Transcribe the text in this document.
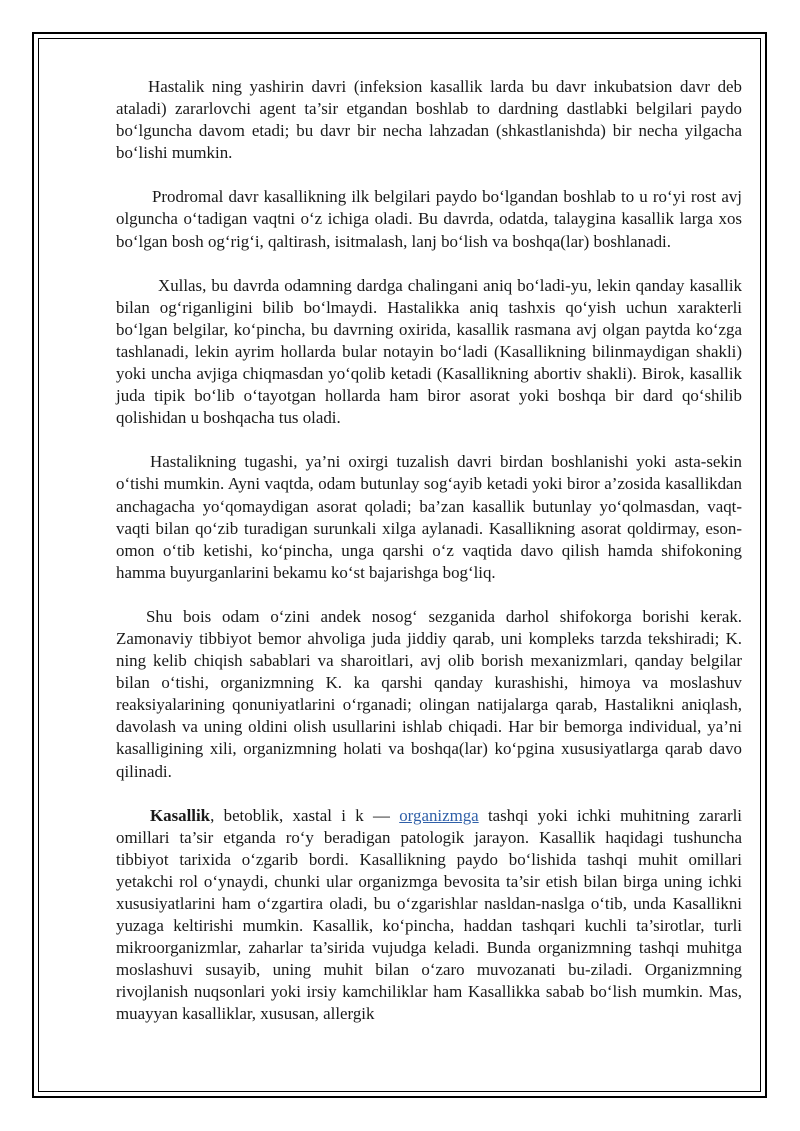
Hastalik ning yashirin davri (infeksion kasallik larda bu davr inkubatsion davr deb ataladi) zararlovchi agent ta’sir etgandan boshlab to dardning dastlabki belgilari paydo bo‘lguncha davom etadi; bu davr bir necha lahzadan (shkastlanishda) bir necha yilgacha bo‘lishi mumkin.

Prodromal davr kasallikning ilk belgilari paydo bo‘lgandan boshlab to u ro‘yi rost avj olguncha o‘tadigan vaqtni o‘z ichiga oladi. Bu davrda, odatda, talaygina kasallik larga xos bo‘lgan bosh og‘rig‘i, qaltirash, isitmalash, lanj bo‘lish va boshqa(lar) boshlanadi.

Xullas, bu davrda odamning dardga chalingani aniq bo‘ladi-yu, lekin qanday kasallik bilan og‘riganligini bilib bo‘lmaydi. Hastalikka aniq tashxis qo‘yish uchun xarakterli bo‘lgan belgilar, ko‘pincha, bu davrning oxirida, kasallik rasmana avj olgan paytda ko‘zga tashlanadi, lekin ayrim hollarda bular notayin bo‘ladi (Kasallikning bilinmaydigan shakli) yoki uncha avjiga chiqmasdan yo‘qolib ketadi (Kasallikning abortiv shakli). Birok, kasallik juda tipik bo‘lib o‘tayotgan hollarda ham biror asorat yoki boshqa bir dard qo‘shilib qolishidan u boshqacha tus oladi.

Hastalikning tugashi, ya’ni oxirgi tuzalish davri birdan boshlanishi yoki asta-sekin o‘tishi mumkin. Ayni vaqtda, odam butunlay sog‘ayib ketadi yoki biror a’zosida kasallikdan anchagacha yo‘qomaydigan asorat qoladi; ba’zan kasallik butunlay yo‘qolmasdan, vaqt-vaqti bilan qo‘zib turadigan surunkali xilga aylanadi. Kasallikning asorat qoldirmay, eson-omon o‘tib ketishi, ko‘pincha, unga qarshi o‘z vaqtida davo qilish hamda shifokoning hamma buyurganlarini bekamu ko‘st bajarishga bog‘liq.

Shu bois odam o‘zini andek nosog‘ sezganida darhol shifokorga borishi kerak. Zamonaviy tibbiyot bemor ahvoliga juda jiddiy qarab, uni kompleks tarzda tekshiradi; K. ning kelib chiqish sabablari va sharoitlari, avj olib borish mexanizmlari, qanday belgilar bilan o‘tishi, organizmning K. ka qarshi qanday kurashishi, himoya va moslashuv reaksiyalarining qonuniyatlarini o‘rganadi; olingan natijalarga qarab, Hastalikni aniqlash, davolash va uning oldini olish usullarini ishlab chiqadi. Har bir bemorga individual, ya’ni kasalligining xili, organizmning holati va boshqa(lar) ko‘pgina xususiyatlarga qarab davo qilinadi.

Kasallik, betoblik, xastal i k — organizmga tashqi yoki ichki muhitning zararli omillari ta’sir etganda ro‘y beradigan patologik jarayon. Kasallik haqidagi tushuncha tibbiyot tarixida o‘zgarib bordi. Kasallikning paydo bo‘lishida tashqi muhit omillari yetakchi rol o‘ynaydi, chunki ular organizmga bevosita ta’sir etish bilan birga uning ichki xususiyatlarini ham o‘zgartira oladi, bu o‘zgarishlar nasldan-naslga o‘tib, unda Kasallikni yuzaga keltirishi mumkin. Kasallik, ko‘pincha, haddan tashqari kuchli ta’sirotlar, turli mikroorganizmlar, zaharlar ta’sirida vujudga keladi. Bunda organizmning tashqi muhitga moslashuvi susayib, uning muhit bilan o‘zaro muvozanati bu-ziladi. Organizmning rivojlanish nuqsonlari yoki irsiy kamchiliklar ham Kasallikka sabab bo‘lish mumkin. Mas, muayyan kasalliklar, xususan, allergik
